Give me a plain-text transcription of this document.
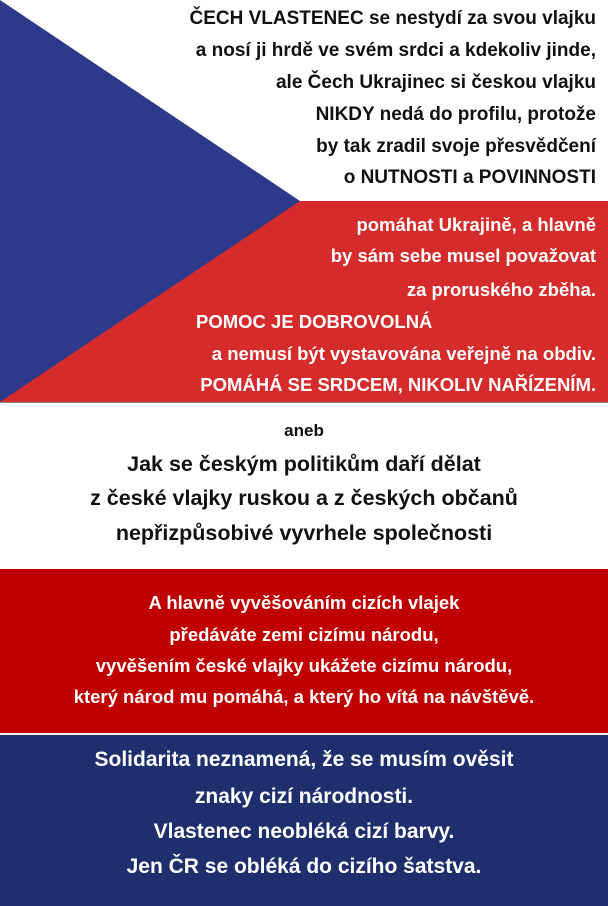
ČECH VLASTENEC se nestydí za svou vlajku
a nosí ji hrdě ve svém srdci a kdekoliv jinde,
ale Čech Ukrajinec si českou vlajku
NIKDY nedá do profilu, protože
by tak zradil svoje přesvědčení
o NUTNOSTI a POVINNOSTI
pomáhat Ukrajině, a hlavně
by sám sebe musel považovat
za proruského zběha.
POMOC JE DOBROVOLNÁ
a nemusí být vystavována veřejně na obdiv.
POMÁHÁ SE SRDCEM, NIKOLIV NAŘÍZENÍM.
aneb
Jak se českým politikům daří dělat
z české vlajky ruskou a z českých občanů
nepřizpůsobivé vyvrhele společnosti
A hlavně vyvěšováním cizích vlajek
předáváte zemi cizímu národu,
vyvěšením české vlajky ukážete cizímu národu,
který národ mu pomáhá, a který ho vítá na návštěvě.
Solidarita neznamená, že se musím ověsit
znaky cizí národnosti.
Vlastenec neobléká cizí barvy.
Jen ČR se obléká do cizího šatstva.
